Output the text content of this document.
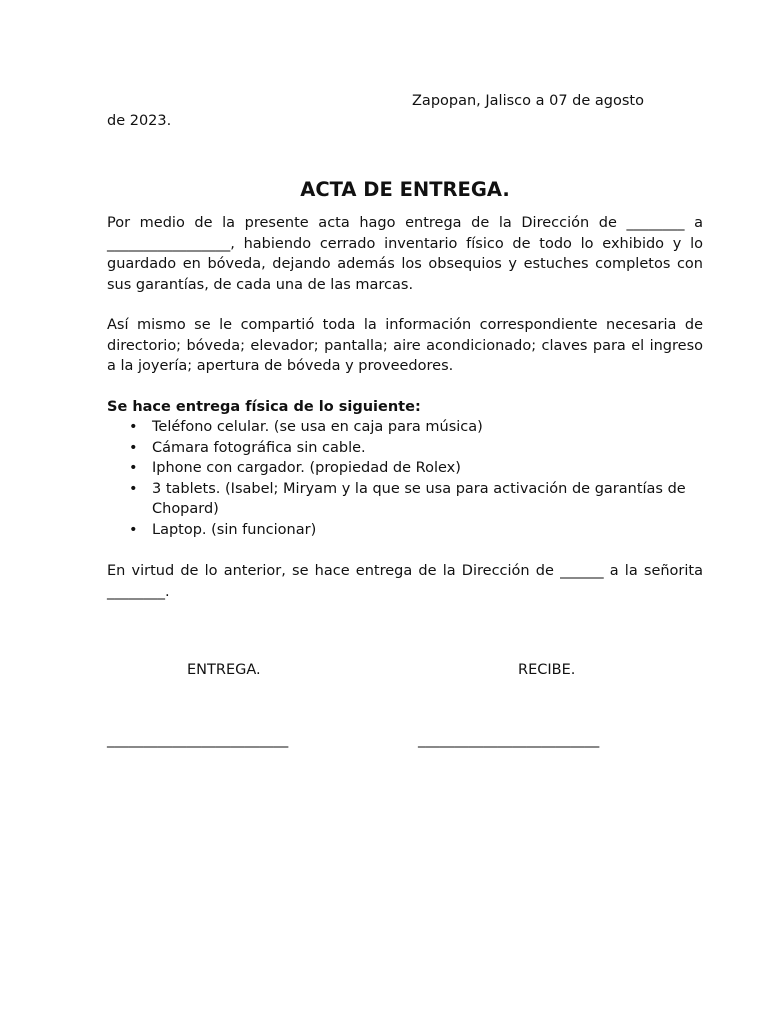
Zapopan, Jalisco a 07 de agosto de 2023.
ACTA DE ENTREGA.

Por medio de la presente acta hago entrega de la Dirección de ________ a _________________, habiendo cerrado inventario físico de todo lo exhibido y lo guardado en bóveda, dejando además los obsequios y estuches completos con sus garantías, de cada una de las marcas.

Así mismo se le compartió toda la información correspondiente necesaria de directorio; bóveda; elevador; pantalla; aire acondicionado; claves para el ingreso a la joyería; apertura de bóveda y proveedores.

Se hace entrega física de lo siguiente:
• Teléfono celular. (se usa en caja para música)
• Cámara fotográfica sin cable.
• Iphone con cargador. (propiedad de Rolex)
• 3 tablets. (Isabel; Miryam y la que se usa para activación de garantías de Chopard)
• Laptop. (sin funcionar)

En virtud de lo anterior, se hace entrega de la Dirección de ______ a la señorita ________.

ENTREGA.	RECIBE.
_________________________	_________________________
